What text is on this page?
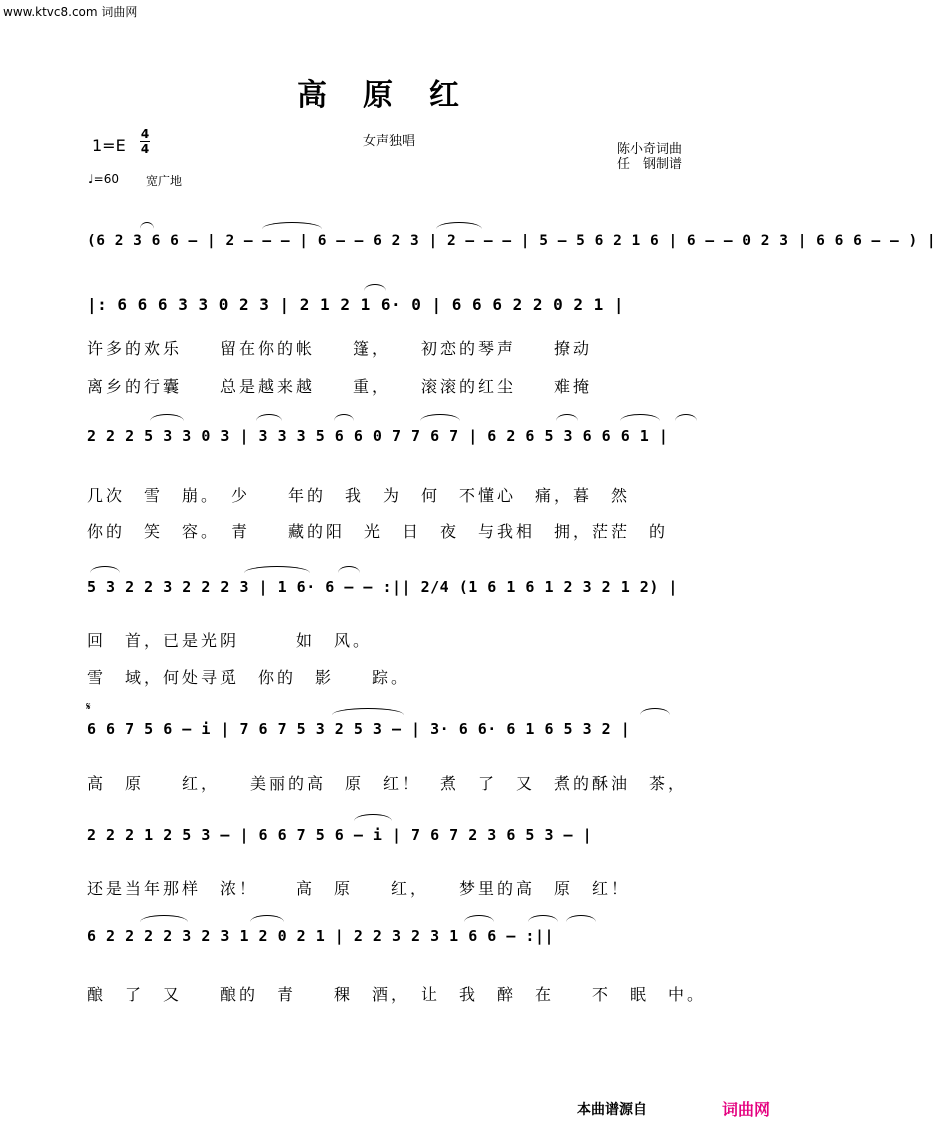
www.ktvc8.com 词曲网
高原红
1=E
4
4	女声独唱
陈小奇词曲
任　钢制谱
♩=60 宽广地
(6 2 3 6 6 – | 2 – – – | 6 – – 6 2 3 | 2 – – – | 5 – 5 6 2 1 6 | 6 – – 0 2 3 | 6 6 6 – – ) |
|: 6 6 6 3 3 0 2 3 | 2 1 2 1 6· 0 | 6 6 6 2 2 0 2 1 |
许多的欢乐　　留在你的帐　　篷，　　初恋的琴声　　撩动
离乡的行囊　　总是越来越　　重，　　滚滚的红尘　　难掩
2 2 2 5 3 3 0 3 | 3 3 3 5 6 6 0 7 7 6 7 | 6 2 6 5 3 6 6 6 1 |
几次　雪　崩。　少　　年的　我　为　何　不懂心　痛，暮　然
你的　笑　容。　青　　藏的阳　光　日　夜　与我相　拥，茫茫　的
5 3 2 2 3 2 2 2 3 | 1 6· 6 – – :|| 2/4 (1 6 1 6 1 2 3 2 1 2) |
回　首，已是光阴　　　如　风。
雪　域，何处寻觅　你的　影　　踪。
𝄋
6 6 7 5 6 – i | 7 6 7 5 3 2 5 3 – | 3· 6 6· 6 1 6 5 3 2 |
高　原　　红，　　美丽的高　原　红！　煮　了　又　煮的酥油　茶，
2 2 2 1 2 5 3 – | 6 6 7 5 6 – i | 7 6 7 2 3 6 5 3 – |
还是当年那样　浓！　　高　原　　红，　　梦里的高　原　红！
6 2 2 2 2 3 2 3 1 2 0 2 1 | 2 2 3 2 3 1 6 6 – :||
酿　了　又　　酿的　青　　稞　酒，　让　我　醉　在　　不　眠　中。
本曲谱源自	词曲网
